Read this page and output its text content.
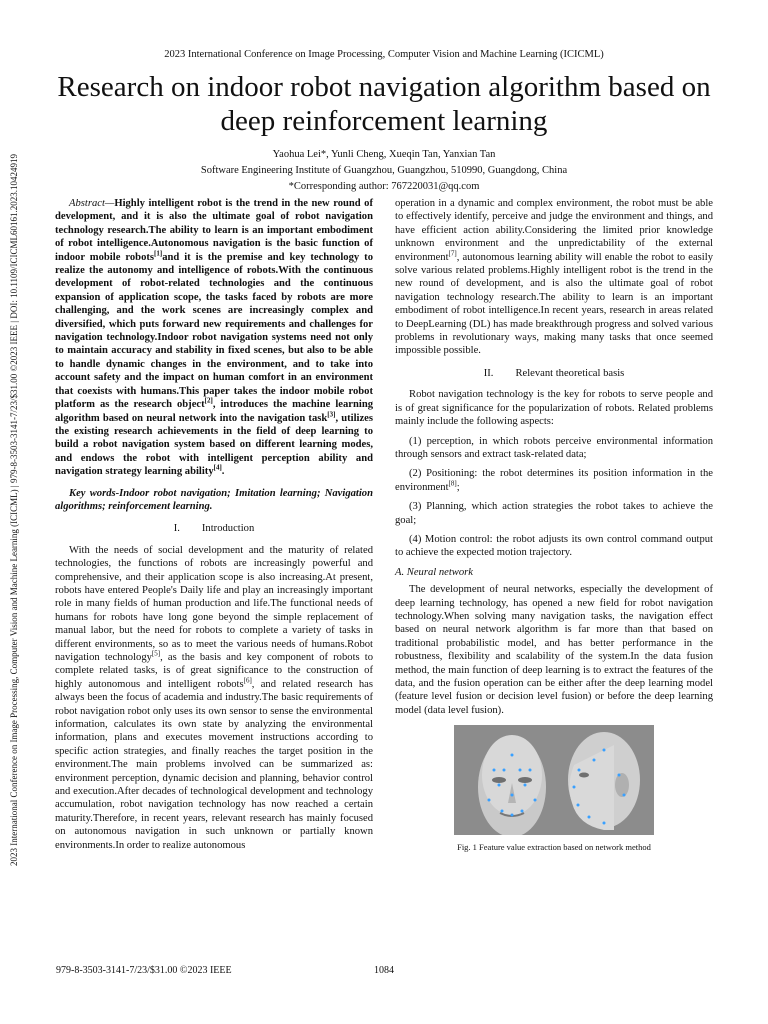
2023 International Conference on Image Processing, Computer Vision and Machine Learning (ICICML)
2023 International Conference on Image Processing, Computer Vision and Machine Learning (ICICML) | 979-8-3503-3141-7/23/$31.00 ©2023 IEEE | DOI: 10.1109/ICICML60161.2023.10424919
Research on indoor robot navigation algorithm based on deep reinforcement learning
Yaohua Lei*, Yunli Cheng, Xueqin Tan, Yanxian Tan
Software Engineering Institute of Guangzhou, Guangzhou, 510990, Guangdong, China
*Corresponding author: 767220031@qq.com

Abstract—Highly intelligent robot is the trend in the new round of development, and it is also the ultimate goal of robot navigation technology research.The ability to learn is an important embodiment of robot intelligence.Autonomous navigation is the basic function of indoor mobile robots[1]and it is the premise and key technology to realize the autonomy and intelligence of robots.With the continuous development of robot-related technologies and the continuous expansion of application scope, the tasks faced by robots are more challenging, and the work scenes are increasingly complex and diversified, which puts forward new requirements and challenges for navigation technology.Indoor robot navigation systems need not only to maintain accuracy and stability in fixed scenes, but also to be able to handle dynamic changes in the environment, and to take into account safety and the impact on human comfort in an environment that coexists with humans.This paper takes the indoor mobile robot platform as the research object[2], introduces the machine learning algorithm based on neural network into the navigation task[3], utilizes the existing research achievements in the field of deep learning to build a robot navigation system based on different learning modes, and endows the robot with intelligent perception ability and navigation strategy learning ability[4].

Key words-Indoor robot navigation; Imitation learning; Navigation algorithms; reinforcement learning.

I. Introduction

With the needs of social development and the maturity of related technologies, the functions of robots are increasingly powerful and comprehensive, and their application scope is also increasing.At present, robots have entered People's Daily life and play an increasingly important role in many fields of human production and life.The functional needs of humans for robots have long gone beyond the simple replacement of manual labor, but the need for robots to complete a variety of tasks in different environments, so as to meet the various needs of humans.Robot navigation technology[5], as the basis and key component of robots to complete related tasks, is of great significance to the construction of highly autonomous and intelligent robots[6], and related research has always been the focus of academia and industry.The basic requirements of robot navigation robot only uses its own sensor to sense the environmental information, calculates its own state by analyzing the environmental information, plans and executes movement instructions according to specific action strategies, and finally reaches the target position in the environment.The main problems involved can be summarized as: environment perception, dynamic decision and planning, behavior control and execution.After decades of technological development and technology accumulation, robot navigation technology has now reached a certain maturity.Therefore, in recent years, relevant research has mainly focused on autonomous navigation in such unknown or partially known environments.In order to realize autonomous

operation in a dynamic and complex environment, the robot must be able to effectively identify, perceive and judge the environment and things, and have efficient action ability.Considering the limited prior knowledge unknown environment and the unpredictability of the external environment[7], autonomous learning ability will enable the robot to easily solve various related problems.Highly intelligent robot is the trend in the new round of development, and is also the ultimate goal of robot navigation technology research.The ability to learn is an important embodiment of robot intelligence.In recent years, research in areas related to DeepLearning (DL) has made breakthrough progress and solved various problems in revolutionary ways, making many tasks that once seemed impossible possible.

II. Relevant theoretical basis

Robot navigation technology is the key for robots to serve people and is of great significance for the popularization of robots. Related problems mainly include the following aspects:

(1) perception, in which robots perceive environmental information through sensors and extract task-related data;

(2) Positioning: the robot determines its position information in the environment[8];

(3) Planning, which action strategies the robot takes to achieve the goal;

(4) Motion control: the robot adjusts its own control command output to achieve the expected motion trajectory.

A. Neural network

The development of neural networks, especially the development of deep learning technology, has opened a new field for robot navigation technology.When solving many navigation tasks, the navigation effect based on neural network algorithm is far more than that based on traditional probabilistic model, and has better performance in the robustness, flexibility and scalability of the system.In the data fusion method, the main function of deep learning is to extract the features of the data, and the fusion operation can be either after the deep learning model (feature level fusion or decision level fusion) or before the deep learning model (data level fusion).

Fig. 1 Feature value extraction based on network method
979-8-3503-3141-7/23/$31.00 ©2023 IEEE	1084
